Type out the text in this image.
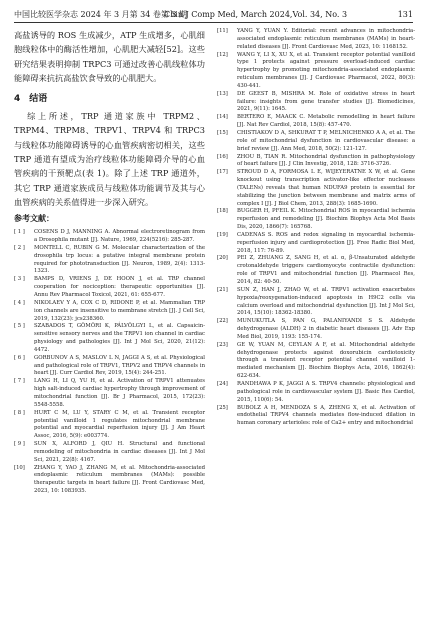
中国比较医学杂志 2024 年 3 月第 34 卷第 3 期
Chin J Comp Med, March 2024,Vol. 34, No. 3	131

高盐诱导的 ROS 生成减少，ATP 生成增多，心肌细胞线粒体中的酶活性增加，心肌肥大减轻[52]。这些研究结果表明抑制 TRPC3 可通过改善心肌线粒体功能障碍来抗抗高盐饮食导致的心肌肥大。

4　结语

综上所述，TRP 通道家族中 TRPM2、TRPM4、TRPM8、TRPV1、TRPV4 和 TRPC3 与线粒体功能障碍诱导的心血管疾病密切相关，这些 TRP 通道有望成为治疗线粒体功能障碍介导的心血管疾病的干预靶点(表 1)。除了上述 TRP 通道外，其它 TRP 通道家族成员与线粒体功能调节及其与心血管疾病的关系值得进一步深入研究。

参考文献：
[ 1 ]	COSENS D J, MANNING A. Abnormal electroretinogram from a Drosophila mutant [J]. Nature, 1969, 224(5216): 285-287.
[ 2 ]	MONTELL C, RUBIN G M. Molecular characterization of the drosophila trp locus: a putative integral membrane protein required for phototransduction [J]. Neuron, 1989, 2(4): 1313-1323.
[ 3 ]	BAMPS D, VRIENS J, DE HOON J, et al. TRP channel cooperation for nociception: therapeutic opportunities [J]. Annu Rev Pharmacol Toxicol, 2021, 61: 655-677.
[ 4 ]	NIKOLAEV Y A, COX C D, RIDONE P, et al. Mammalian TRP ion channels are insensitive to membrane stretch [J]. J Cell Sci, 2019, 132(23): jcs238360.
[ 5 ]	SZABADOS T, GÖMÖRI K, PÁLVÖLGYI L, et al. Capsaicin-sensitive sensory nerves and the TRPV1 ion channel in cardiac physiology and pathologies [J]. Int J Mol Sci, 2020, 21(12): 4472.
[ 6 ]	GORBUNOV A S, MASLOV L N, JAGGI A S, et al. Physiological and pathological role of TRPV1, TRPV2 and TRPV4 channels in heart [J]. Curr Cardiol Rev, 2019, 15(4): 244-251.
[ 7 ]	LANG H, LI Q, YU H, et al. Activation of TRPV1 attenuates high salt-induced cardiac hypertrophy through improvement of mitochondrial function [J]. Br J Pharmacol, 2015, 172(23): 5548-5558.
[ 8 ]	HURT C M, LU Y, STARY C M, et al. Transient receptor potential vanilloid 1 regulates mitochondrial membrane potential and myocardial reperfusion injury [J]. J Am Heart Assoc, 2016, 5(9): e003774.
[ 9 ]	SUN X, ALFORD J, QIU H. Structural and functional remodeling of mitochondria in cardiac diseases [J]. Int J Mol Sci, 2021, 22(8): 4167.
[10]	ZHANG Y, YAO J, ZHANG M, et al. Mitochondria-associated endoplasmic reticulum membranes (MAMs): possible therapeutic targets in heart failure [J]. Front Cardiovasc Med, 2023, 10: 1083935.
[11]	YANG Y, YUAN Y. Editorial: recent advances in mitochondria-associated endoplasmic reticulum membranes (MAMs) in heart-related diseases [J]. Front Cardiovasc Med, 2023, 10: 1168152.
[12]	WANG Y, LI X, XU X, et al. Transient receptor potential vanilloid type 1 protects against pressure overload-induced cardiac hypertrophy by promoting mitochondria-associated endoplasmic reticulum membranes [J]. J Cardiovasc Pharmacol, 2022, 80(3): 430-441.
[13]	DE GEEST B, MISHRA M. Role of oxidative stress in heart failure: insights from gene transfer studies [J]. Biomedicines, 2021, 9(11): 1645.
[14]	BERTERO E, MAACK C. Metabolic remodelling in heart failure [J]. Nat Rev Cardiol, 2018, 15(8): 457-470.
[15]	CHISTIAKOV D A, SHKURAT T P, MELNICHENKO A A, et al. The role of mitochondrial dysfunction in cardiovascular disease: a brief review [J]. Ann Med, 2018, 50(2): 121-127.
[16]	ZHOU B, TIAN R. Mitochondrial dysfunction in pathophysiology of heart failure [J]. J Clin Investig, 2018, 128: 3716-3726.
[17]	STROUD D A, FORMOSA L E, WIJEYERATNE X W, et al. Gene knockout using transcription activator-like effector nucleases (TALENs) reveals that human NDUFA9 protein is essential for stabilizing the junction between membrane and matrix arms of complex I [J]. J Biol Chem, 2013, 288(3): 1685-1690.
[18]	BUGGER H, PFEIL K. Mitochondrial ROS in myocardial ischemia reperfusion and remodeling [J]. Biochim Biophys Acta Mol Basis Dis, 2020, 1866(7): 165768.
[19]	CADENAS S. ROS and redox signaling in myocardial ischemia-reperfusion injury and cardioprotection [J]. Free Radic Biol Med, 2018, 117: 76-89.
[20]	PEI Z, ZHUANG Z, SANG H, et al. α, β-Unsaturated aldehyde crotonaldehyde triggers cardiomyocyte contractile dysfunction: role of TRPV1 and mitochondrial function [J]. Pharmacol Res, 2014, 82: 40-50.
[21]	SUN Z, HAN J, ZHAO W, et al. TRPV1 activation exacerbates hypoxia/reoxygenation-induced apoptosis in H9C2 cells via calcium overload and mitochondrial dysfunction [J]. Int J Mol Sci, 2014, 15(10): 18362-18380.
[22]	MUNUKUTLA S, PAN G, PALANIYANDI S S. Aldehyde dehydrogenase (ALDH) 2 in diabetic heart diseases [J]. Adv Exp Med Biol, 2019, 1193: 155-174.
[23]	GE W, YUAN M, CEYLAN A F, et al. Mitochondrial aldehyde dehydrogenase protects against doxorubicin cardiotoxicity through a transient receptor potential channel vanilloid 1-mediated mechanism [J]. Biochim Biophys Acta, 2016, 1862(4): 622-634.
[24]	RANDHAWA P K, JAGGI A S. TRPV4 channels: physiological and pathological role in cardiovascular system [J]. Basic Res Cardiol, 2015, 110(6): 54.
[25]	BUBOLZ A H, MENDOZA S A, ZHENG X, et al. Activation of endothelial TRPV4 channels mediates flow-induced dilation in human coronary arterioles: role of Ca2+ entry and mitochondrial
